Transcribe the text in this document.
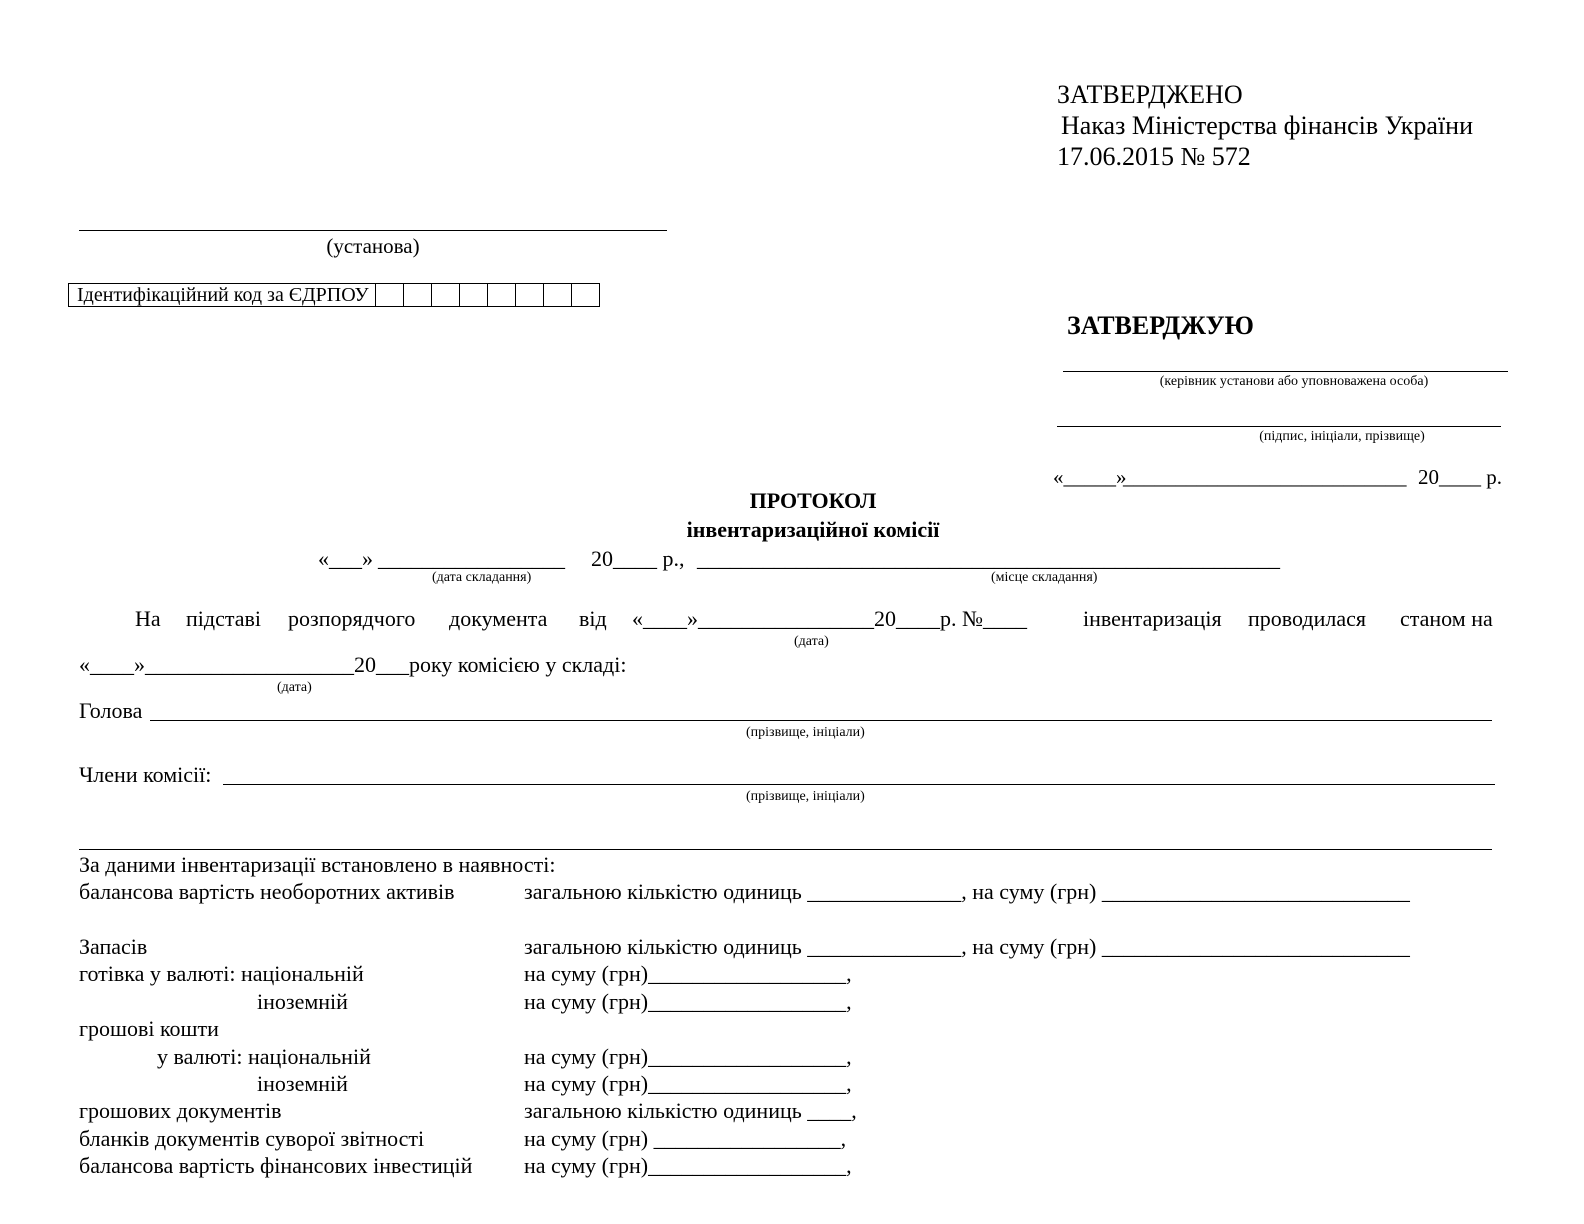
ЗАТВЕРДЖЕНО
Наказ Міністерства фінансів України
17.06.2015 № 572
(установа)
Ідентифікаційний код за ЄДРПОУ								
ЗАТВЕРДЖУЮ
(керівник установи або уповноважена особа)
(підпис, ініціали, прізвище)
«_____»
___________________________ 20____ р.
ПРОТОКОЛ
інвентаризаційної комісії
«___» _________________ 20____ р., _____________________________________________________
(дата складання)	(місце складання)
На підставі розпорядчого документа від «____»________________20____р. №____	інвентаризація проводилася станом на
(дата)
«____»___________________20___року комісією у складі:
(дата)
Голова
(прізвище, ініціали)
Члени комісії:
(прізвище, ініціали)
За даними інвентаризації встановлено в наявності:
балансова вартість необоротних активів	загальною кількістю одиниць ______________, на суму (грн) ____________________________
Запасів	загальною кількістю одиниць ______________, на суму (грн) ____________________________
готівка у валюті: національній	на суму (грн)__________________,
іноземній	на суму (грн)__________________,
грошові кошти
у валюті: національній	на суму (грн)__________________,
іноземній	на суму (грн)__________________,
грошових документів	загальною кількістю одиниць ____,
бланків документів суворої звітності	на суму (грн) _________________,
балансова вартість фінансових інвестицій на суму (грн)__________________,
